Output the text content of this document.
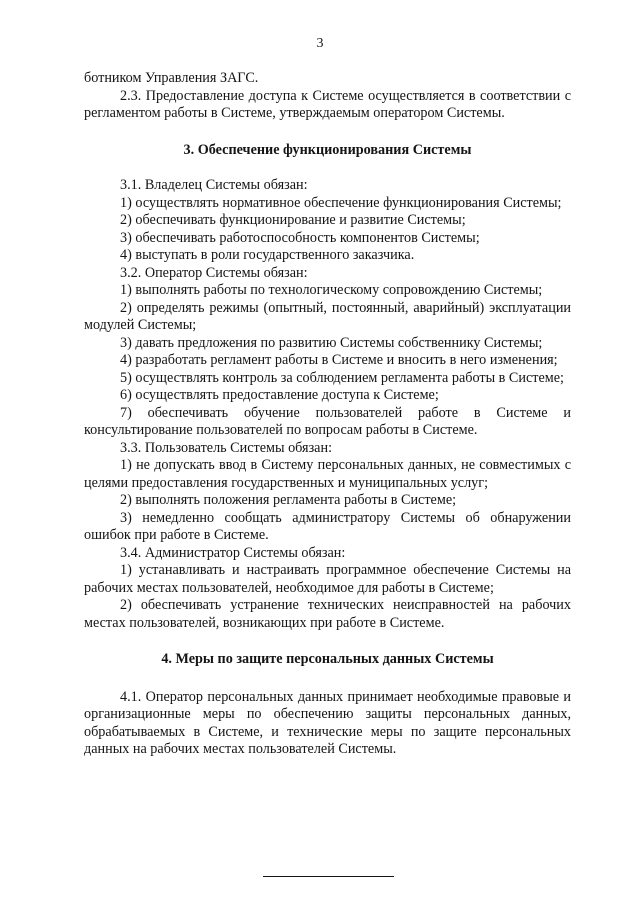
3

ботником Управления ЗАГС.

2.3. Предоставление доступа к Системе осуществляется в соответствии с регламентом работы в Системе, утверждаемым оператором Системы.

3. Обеспечение функционирования Системы

3.1. Владелец Системы обязан:

1) осуществлять нормативное обеспечение функционирования Системы;

2) обеспечивать функционирование и развитие Системы;

3) обеспечивать работоспособность компонентов Системы;

4) выступать в роли государственного заказчика.

3.2. Оператор Системы обязан:

1) выполнять работы по технологическому сопровождению Системы;

2) определять режимы (опытный, постоянный, аварийный) эксплуатации модулей Системы;

3) давать предложения по развитию Системы собственнику Системы;

4) разработать регламент работы в Системе и вносить в него изменения;

5) осуществлять контроль за соблюдением регламента работы в Системе;

6) осуществлять предоставление доступа к Системе;

7) обеспечивать обучение пользователей работе в Системе и консультирование пользователей по вопросам работы в Системе.

3.3. Пользователь Системы обязан:

1) не допускать ввод в Систему персональных данных, не совместимых с целями предоставления государственных и муниципальных услуг;

2) выполнять положения регламента работы в Системе;

3) немедленно сообщать администратору Системы об обнаружении ошибок при работе в Системе.

3.4. Администратор Системы обязан:

1) устанавливать и настраивать программное обеспечение Системы на рабочих местах пользователей, необходимое для работы в Системе;

2) обеспечивать устранение технических неисправностей на рабочих местах пользователей, возникающих при работе в Системе.

4. Меры по защите персональных данных Системы

4.1. Оператор персональных данных принимает необходимые правовые и организационные меры по обеспечению защиты персональных данных, обрабатываемых в Системе, и технические меры по защите персональных данных на рабочих местах пользователей Системы.
